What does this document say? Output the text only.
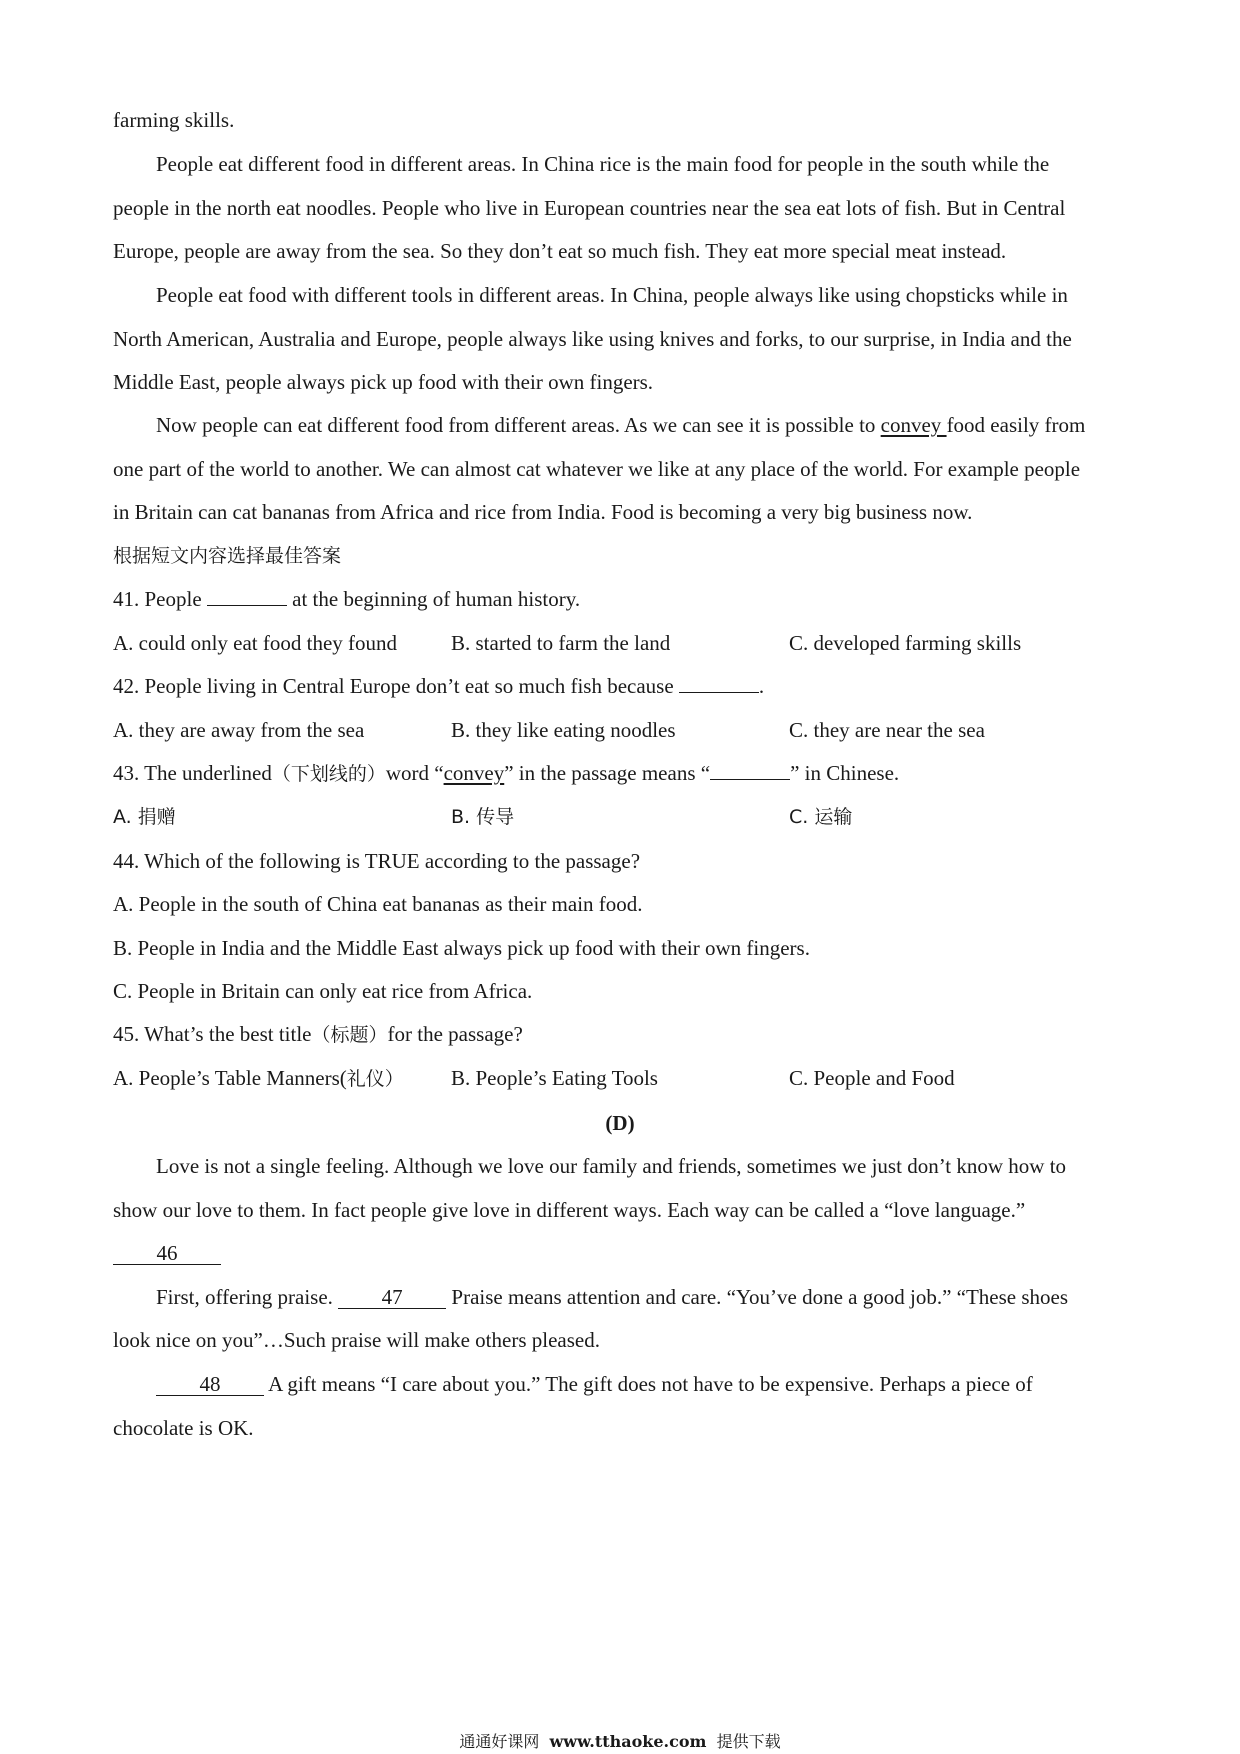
farming skills.
People eat different food in different areas. In China rice is the main food for people in the south while the
people in the north eat noodles. People who live in European countries near the sea eat lots of fish. But in Central
Europe, people are away from the sea. So they don’t eat so much fish. They eat more special meat instead.
People eat food with different tools in different areas. In China, people always like using chopsticks while in
North American, Australia and Europe, people always like using knives and forks, to our surprise, in India and the
Middle East, people always pick up food with their own fingers.
Now people can eat different food from different areas. As we can see it is possible to convey food easily from
one part of the world to another. We can almost cat whatever we like at any place of the world. For example people
in Britain can cat bananas from Africa and rice from India. Food is becoming a very big business now.
根据短文内容选择最佳答案
41. People	at the beginning of human history.
A. could only eat food they found	B. started to farm the land	C. developed farming skills
42. People living in Central Europe don’t eat so much fish because	.
A. they are away from the sea	B. they like eating noodles	C. they are near the sea
43. The underlined（下划线的）word “convey” in the passage means “	” in Chinese.
A. 捐赠	B. 传导	C. 运输
44. Which of the following is TRUE according to the passage?
A. People in the south of China eat bananas as their main food.
B. People in India and the Middle East always pick up food with their own fingers.
C. People in Britain can only eat rice from Africa.
45. What’s the best title（标题）for the passage?
A. People’s Table Manners(礼仪）	B. People’s Eating Tools	C. People and Food
(D)
Love is not a single feeling. Although we love our family and friends, sometimes we just don’t know how to
show our love to them. In fact people give love in different ways. Each way can be called a “love language.”
46
First, offering praise. 47 Praise means attention and care. “You’ve done a good job.” “These shoes
look nice on you”…Such praise will make others pleased.
48 A gift means “I care about you.” The gift does not have to be expensive. Perhaps a piece of
chocolate is OK.
通通好课网 www.tthaoke.com 提供下载
